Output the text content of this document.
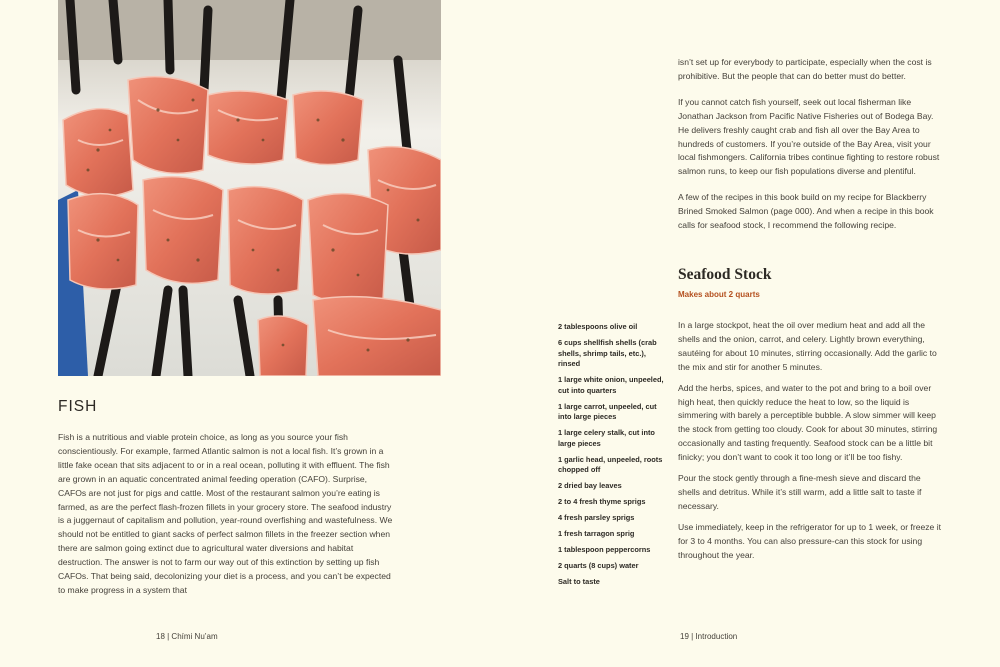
FISH

Fish is a nutritious and viable protein choice, as long as you source your fish conscientiously. For example, farmed Atlantic salmon is not a local fish. It’s grown in a little fake ocean that sits adjacent to or in a real ocean, polluting it with effluent. The fish are grown in an aquatic concentrated animal feeding operation (CAFO). Surprise, CAFOs are not just for pigs and cattle. Most of the restaurant salmon you’re eating is farmed, as are the perfect flash-frozen fillets in your grocery store. The seafood industry is a juggernaut of capitalism and pollution, year-round overfishing and wastefulness. We should not be entitled to giant sacks of perfect salmon fillets in the freezer section when there are salmon going extinct due to agricultural water diversions and habitat destruction. The answer is not to farm our way out of this extinction by setting up fish CAFOs. That being said, decolonizing your diet is a process, and you can’t be expected to make progress in a system that

18 | Chími Nu’am

isn’t set up for everybody to participate, especially when the cost is prohibitive. But the people that can do better must do better.

If you cannot catch fish yourself, seek out local fisherman like Jonathan Jackson from Pacific Native Fisheries out of Bodega Bay. He delivers freshly caught crab and fish all over the Bay Area to hundreds of customers. If you’re outside of the Bay Area, visit your local fishmongers. California tribes continue fighting to restore robust salmon runs, to keep our fish populations diverse and plentiful.

A few of the recipes in this book build on my recipe for Blackberry Brined Smoked Salmon (page 000). And when a recipe in this book calls for seafood stock, I recommend the following recipe.

Seafood Stock
Makes about 2 quarts
2 tablespoons olive oil
6 cups shellfish shells (crab shells, shrimp tails, etc.), rinsed
1 large white onion, unpeeled, cut into quarters
1 large carrot, unpeeled, cut into large pieces
1 large celery stalk, cut into large pieces
1 garlic head, unpeeled, roots chopped off
2 dried bay leaves
2 to 4 fresh thyme sprigs
4 fresh parsley sprigs
1 fresh tarragon sprig
1 tablespoon peppercorns
2 quarts (8 cups) water
Salt to taste

In a large stockpot, heat the oil over medium heat and add all the shells and the onion, carrot, and celery. Lightly brown everything, sautéing for about 10 minutes, stirring occasionally. Add the garlic to the mix and stir for another 5 minutes.

Add the herbs, spices, and water to the pot and bring to a boil over high heat, then quickly reduce the heat to low, so the liquid is simmering with barely a perceptible bubble. A slow simmer will keep the stock from getting too cloudy. Cook for about 30 minutes, stirring occasionally and tasting frequently. Seafood stock can be a little bit finicky; you don’t want to cook it too long or it’ll be too fishy.

Pour the stock gently through a fine-mesh sieve and discard the shells and detritus. While it’s still warm, add a little salt to taste if necessary.

Use immediately, keep in the refrigerator for up to 1 week, or freeze it for 3 to 4 months. You can also pressure-can this stock for using throughout the year.

19 | Introduction
